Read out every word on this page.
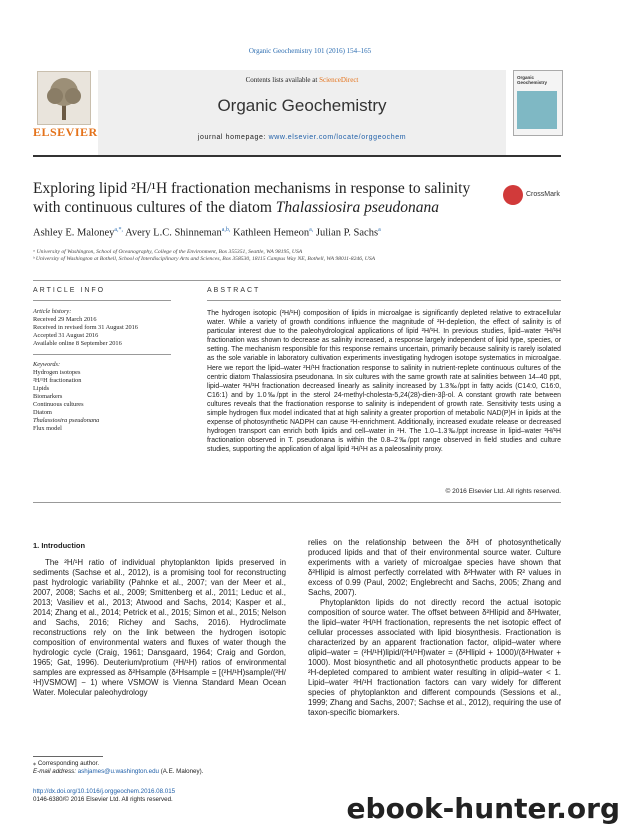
Organic Geochemistry 101 (2016) 154–165
ELSEVIER
Contents lists available at ScienceDirect
Organic Geochemistry
journal homepage: www.elsevier.com/locate/orggeochem
Organic Geochemistry
Exploring lipid ²H/¹H fractionation mechanisms in response to salinity
with continuous cultures of the diatom Thalassiosira pseudonana
CrossMark
Ashley E. Maloney$^{a,*,}$ Avery L.C. Shinneman$^{a,b,}$ Kathleen Hemeon$^{a,}$ Julian P. Sachs$^a$
ᵃ University of Washington, School of Oceanography, College of the Environment, Box 355351, Seattle, WA 98195, USA
ᵇ University of Washington at Bothell, School of Interdisciplinary Arts and Sciences, Box 358530, 18115 Campus Way NE, Bothell, WA 98011-8246, USA
ARTICLE INFO	ABSTRACT
Article history:
Received 29 March 2016
Received in revised form 31 August 2016
Accepted 31 August 2016
Available online 8 September 2016
Keywords:
Hydrogen isotopes
²H/¹H fractionation
Lipids
Biomarkers
Continuous cultures
Diatom
Thalassiosira pseudonana
Flux model
The hydrogen isotopic (²H/¹H) composition of lipids in microalgae is significantly depleted relative to extracellular water. While a variety of growth conditions influence the magnitude of ²H-depletion, the effect of salinity is of particular interest due to the paleohydrological applications of lipid ²H/¹H. In previous studies, lipid–water ²H/¹H fractionation was shown to decrease as salinity increased, a response largely independent of lipid type, species, or setting. The mechanism responsible for this response remains uncertain, primarily because salinity is rarely isolated as the sole variable in laboratory cultivation experiments investigating hydrogen isotope systematics in microalgae. Here we report the lipid–water ²H/¹H fractionation response to salinity in nutrient-replete continuous cultures of the centric diatom Thalassiosira pseudonana. In six cultures with the same growth rate at salinities between 14–40 ppt, lipid–water ²H/¹H fractionation decreased linearly as salinity increased by 1.3‰/ppt in fatty acids (C14:0, C16:0, C16:1) and by 1.0‰/ppt in the sterol 24-methyl-cholesta-5,24(28)-dien-3β-ol. A constant growth rate between cultures reveals that the fractionation response to salinity is independent of growth rate. Sensitivity tests using a simple hydrogen flux model indicated that at high salinity a greater proportion of metabolic NAD(P)H in lipids at the expense of photosynthetic NADPH can cause ²H-enrichment. Additionally, increased exudate release or decreased hydrogen transport can enrich both lipids and cell–water in ²H. The 1.0–1.3‰/ppt increase in lipid–water ²H/¹H fractionation observed in T. pseudonana is within the 0.8–2‰/ppt range observed in field studies and culture studies, supporting the application of algal lipid ²H/¹H as a paleosalinity proxy.
© 2016 Elsevier Ltd. All rights reserved.
1. Introduction

The ²H/¹H ratio of individual phytoplankton lipids preserved in sediments (Sachse et al., 2012), is a promising tool for reconstructing past hydrologic variability (Pahnke et al., 2007; van der Meer et al., 2007, 2008; Sachs et al., 2009; Smittenberg et al., 2011; Leduc et al., 2013; Vasiliev et al., 2013; Atwood and Sachs, 2014; Kasper et al., 2014; Zhang et al., 2014; Petrick et al., 2015; Simon et al., 2015; Nelson and Sachs, 2016; Richey and Sachs, 2016). Hydroclimate reconstructions rely on the link between the hydrogen isotopic composition of environmental waters and fluxes of water though the hydrologic cycle (Craig, 1961; Dansgaard, 1964; Craig and Gordon, 1965; Gat, 1996). Deuterium/protium (²H/¹H) ratios of environmental samples are expressed as δ²Hsample (δ²Hsample = [(²H/¹H)sample/(²H/¹H)VSMOW] − 1) where VSMOW is Vienna Standard Mean Ocean Water. Molecular paleohydrology

relies on the relationship between the δ²H of photosynthetically produced lipids and that of their environmental source water. Culture experiments with a variety of microalgae species have shown that δ²Hlipid is almost perfectly correlated with δ²Hwater with R² values in excess of 0.99 (Paul, 2002; Englebrecht and Sachs, 2005; Zhang and Sachs, 2007).

Phytoplankton lipids do not directly record the actual isotopic composition of source water. The offset between δ²Hlipid and δ²Hwater, the lipid–water ²H/¹H fractionation, represents the net isotopic effect of cellular processes associated with lipid biosynthesis. Fractionation is characterized by an apparent fractionation factor, αlipid–water where αlipid–water = (²H/¹H)lipid/(²H/¹H)water = (δ²Hlipid + 1000)/(δ²Hwater + 1000). Most biosynthetic and all photosynthetic products appear to be ²H-depleted compared to ambient water resulting in αlipid–water < 1. Lipid–water ²H/¹H fractionation factors can vary widely for different species of phytoplankton and different compounds (Sessions et al., 1999; Zhang and Sachs, 2007; Sachse et al., 2012), requiring the use of taxon-specific biomarkers.

⁎ Corresponding author.
E-mail address: ashjames@u.washington.edu (A.E. Maloney).
http://dx.doi.org/10.1016/j.orggeochem.2016.08.015
0146-6380/© 2016 Elsevier Ltd. All rights reserved.	ebook-hunter.org
